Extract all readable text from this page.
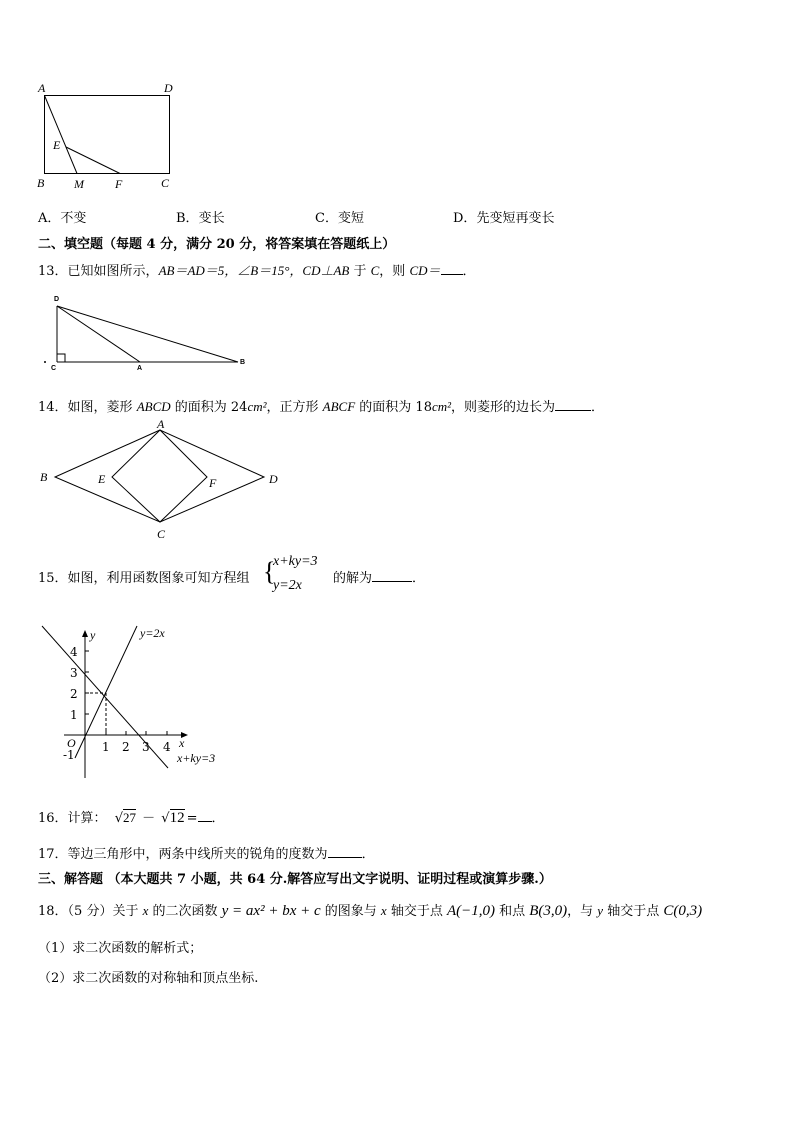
A	D
E
B M	F	C
A．不变	B．变长	C．变短	D．先变短再变长
二、填空题（每题 4 分，满分 20 分，将答案填在答题纸上）
13．已知如图所示，AB＝AD＝5，∠B＝15°，CD⊥AB 于 C，则 CD＝ ．
D
C	A
B
14．如图，菱形 ABCD 的面积为 24cm²，正方形 ABCF 的面积为 18cm²，则菱形的边长为	．
A
B	E	F	D
C
15．如图，利用函数图象可知方程组 {
x+ky=3
y=2x 的解为	．
y
x
O
y=2x
x+ky=3
4
3
2
1
-1
1 2 3 4
16．计算： √27 － √12 = ．
17．等边三角形中，两条中线所夹的锐角的度数为	．
三、解答题 （本大题共 7 小题，共 64 分.解答应写出文字说明、证明过程或演算步骤.）
18．（5 分）关于 x 的二次函数 y = ax² + bx + c 的图象与 x 轴交于点 A(−1,0) 和点 B(3,0)，与 y 轴交于点 C(0,3)
（1）求二次函数的解析式；
（2）求二次函数的对称轴和顶点坐标.
